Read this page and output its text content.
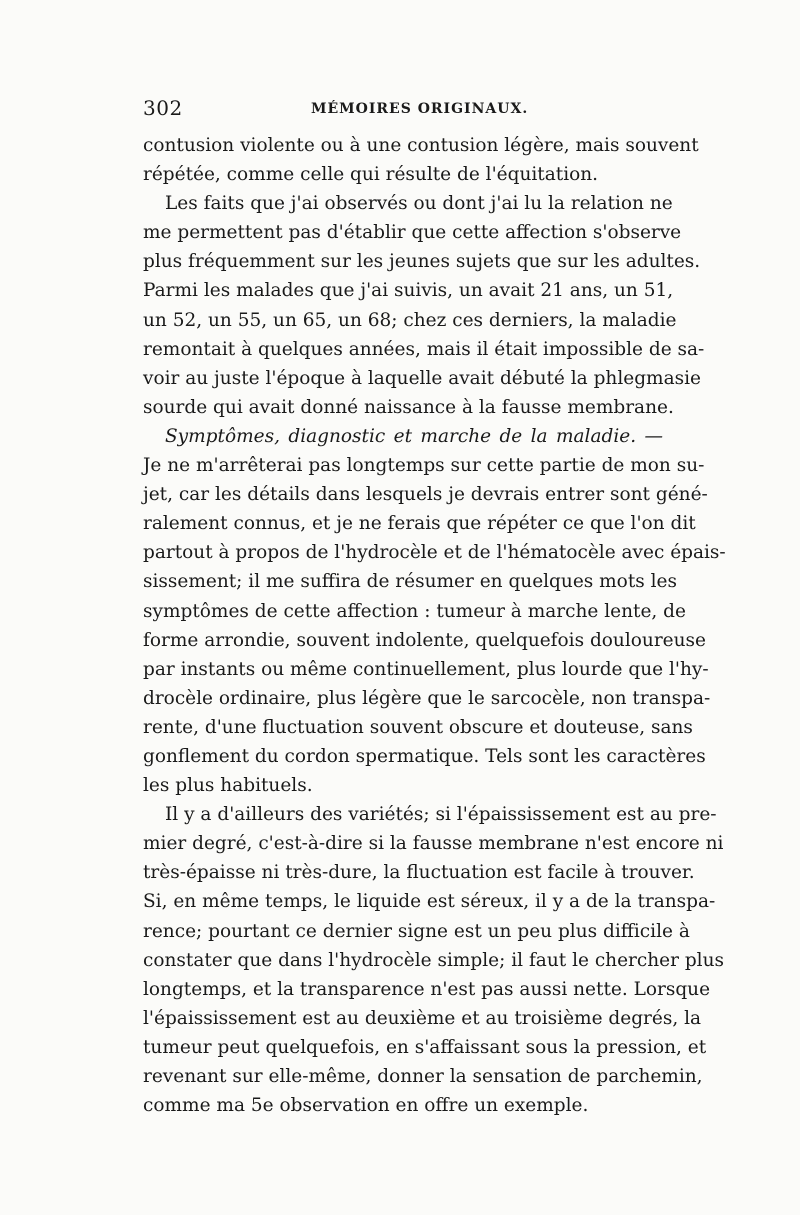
302	MÉMOIRES ORIGINAUX.
contusion violente ou à une contusion légère, mais souvent
répétée, comme celle qui résulte de l'équitation.
Les faits que j'ai observés ou dont j'ai lu la relation ne
me permettent pas d'établir que cette affection s'observe
plus fréquemment sur les jeunes sujets que sur les adultes.
Parmi les malades que j'ai suivis, un avait 21 ans, un 51,
un 52, un 55, un 65, un 68; chez ces derniers, la maladie
remontait à quelques années, mais il était impossible de sa-
voir au juste l'époque à laquelle avait débuté la phlegmasie
sourde qui avait donné naissance à la fausse membrane.
Symptômes, diagnostic et marche de la maladie. —
Je ne m'arrêterai pas longtemps sur cette partie de mon su-
jet, car les détails dans lesquels je devrais entrer sont géné-
ralement connus, et je ne ferais que répéter ce que l'on dit
partout à propos de l'hydrocèle et de l'hématocèle avec épais-
sissement; il me suffira de résumer en quelques mots les
symptômes de cette affection : tumeur à marche lente, de
forme arrondie, souvent indolente, quelquefois douloureuse
par instants ou même continuellement, plus lourde que l'hy-
drocèle ordinaire, plus légère que le sarcocèle, non transpa-
rente, d'une fluctuation souvent obscure et douteuse, sans
gonflement du cordon spermatique. Tels sont les caractères
les plus habituels.
Il y a d'ailleurs des variétés; si l'épaississement est au pre-
mier degré, c'est-à-dire si la fausse membrane n'est encore ni
très-épaisse ni très-dure, la fluctuation est facile à trouver.
Si, en même temps, le liquide est séreux, il y a de la transpa-
rence; pourtant ce dernier signe est un peu plus difficile à
constater que dans l'hydrocèle simple; il faut le chercher plus
longtemps, et la transparence n'est pas aussi nette. Lorsque
l'épaississement est au deuxième et au troisième degrés, la
tumeur peut quelquefois, en s'affaissant sous la pression, et
revenant sur elle-même, donner la sensation de parchemin,
comme ma 5e observation en offre un exemple.
